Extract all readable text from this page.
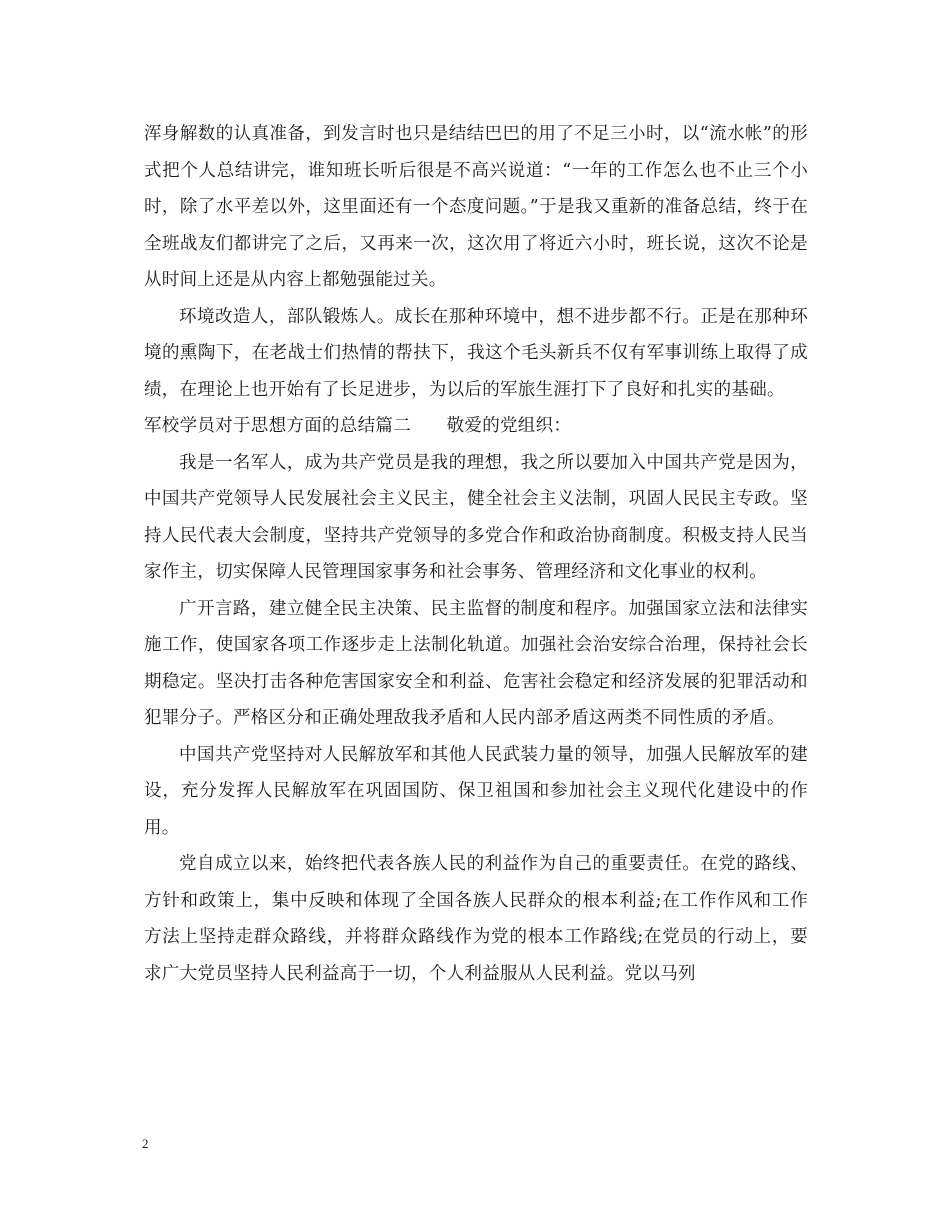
浑身解数的认真准备，到发言时也只是结结巴巴的用了不足三小时，以“流水帐”的形式把个人总结讲完，谁知班长听后很是不高兴说道：“一年的工作怎么也不止三个小时，除了水平差以外，这里面还有一个态度问题。”于是我又重新的准备总结，终于在全班战友们都讲完了之后，又再来一次，这次用了将近六小时，班长说，这次不论是从时间上还是从内容上都勉强能过关。

环境改造人，部队锻炼人。成长在那种环境中，想不进步都不行。正是在那种环境的熏陶下，在老战士们热情的帮扶下，我这个毛头新兵不仅有军事训练上取得了成绩，在理论上也开始有了长足进步，为以后的军旅生涯打下了良好和扎实的基础。

军校学员对于思想方面的总结篇二　　敬爱的党组织：

我是一名军人，成为共产党员是我的理想，我之所以要加入中国共产党是因为，中国共产党领导人民发展社会主义民主，健全社会主义法制，巩固人民民主专政。坚持人民代表大会制度，坚持共产党领导的多党合作和政治协商制度。积极支持人民当家作主，切实保障人民管理国家事务和社会事务、管理经济和文化事业的权利。

广开言路，建立健全民主决策、民主监督的制度和程序。加强国家立法和法律实施工作，使国家各项工作逐步走上法制化轨道。加强社会治安综合治理，保持社会长期稳定。坚决打击各种危害国家安全和利益、危害社会稳定和经济发展的犯罪活动和犯罪分子。严格区分和正确处理敌我矛盾和人民内部矛盾这两类不同性质的矛盾。

中国共产党坚持对人民解放军和其他人民武装力量的领导，加强人民解放军的建设，充分发挥人民解放军在巩固国防、保卫祖国和参加社会主义现代化建设中的作用。

党自成立以来，始终把代表各族人民的利益作为自己的重要责任。在党的路线、方针和政策上，集中反映和体现了全国各族人民群众的根本利益;在工作作风和工作方法上坚持走群众路线，并将群众路线作为党的根本工作路线;在党员的行动上，要求广大党员坚持人民利益高于一切，个人利益服从人民利益。党以马列

2
